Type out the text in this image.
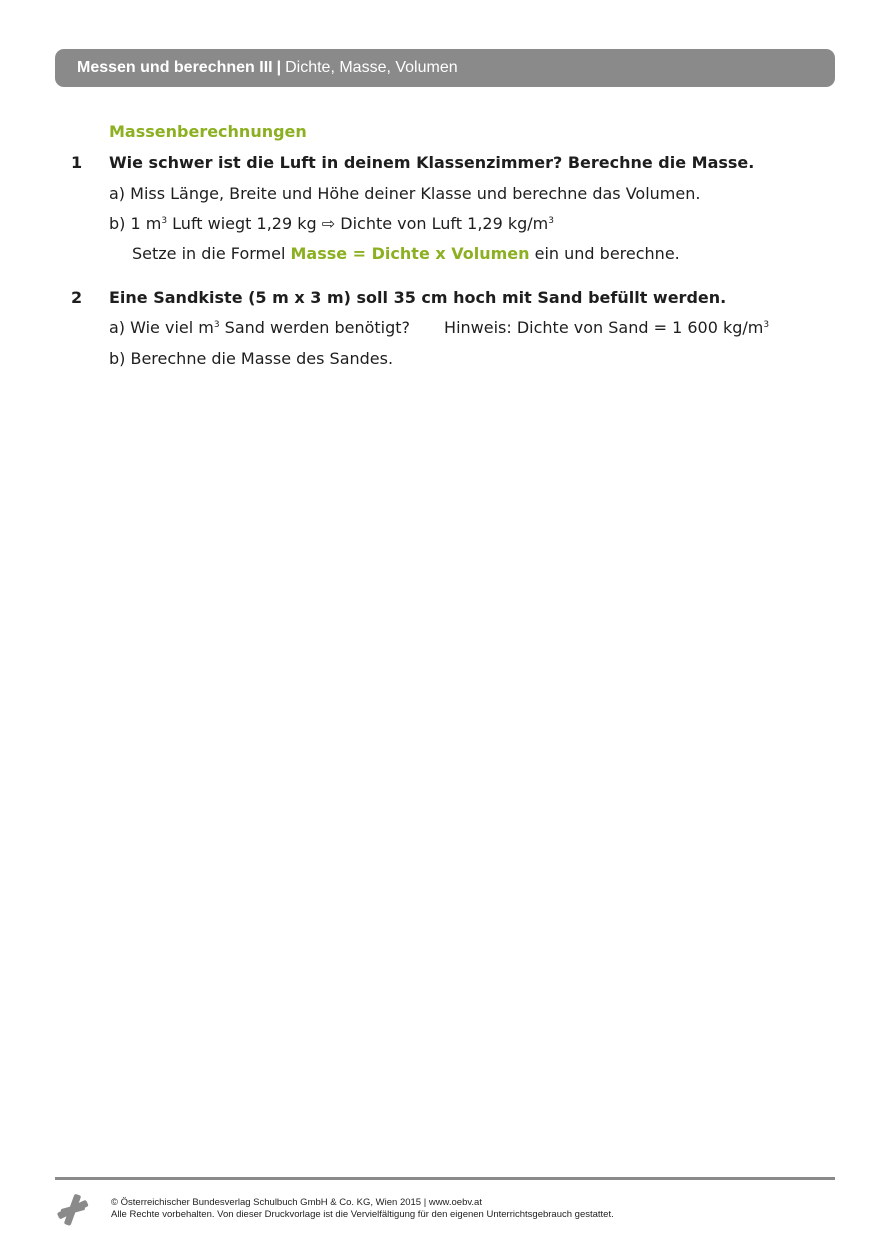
Messen und berechnen III | Dichte, Masse, Volumen
Massenberechnungen
1 Wie schwer ist die Luft in deinem Klassenzimmer? Berechne die Masse.
a) Miss Länge, Breite und Höhe deiner Klasse und berechne das Volumen.
b) 1 $m^3$ Luft wiegt 1,29 kg ⇨ Dichte von Luft 1,29 $kg/m^3$
Setze in die Formel Masse = Dichte x Volumen ein und berechne.
2 Eine Sandkiste (5 m x 3 m) soll 35 cm hoch mit Sand befüllt werden.
a) Wie viel $m^3$ Sand werden benötigt? Hinweis: Dichte von Sand = 1 600 $kg/m^3$
b) Berechne die Masse des Sandes.
© Österreichischer Bundesverlag Schulbuch GmbH & Co. KG, Wien 2015 | www.oebv.at
Alle Rechte vorbehalten. Von dieser Druckvorlage ist die Vervielfältigung für den eigenen Unterrichtsgebrauch gestattet.
